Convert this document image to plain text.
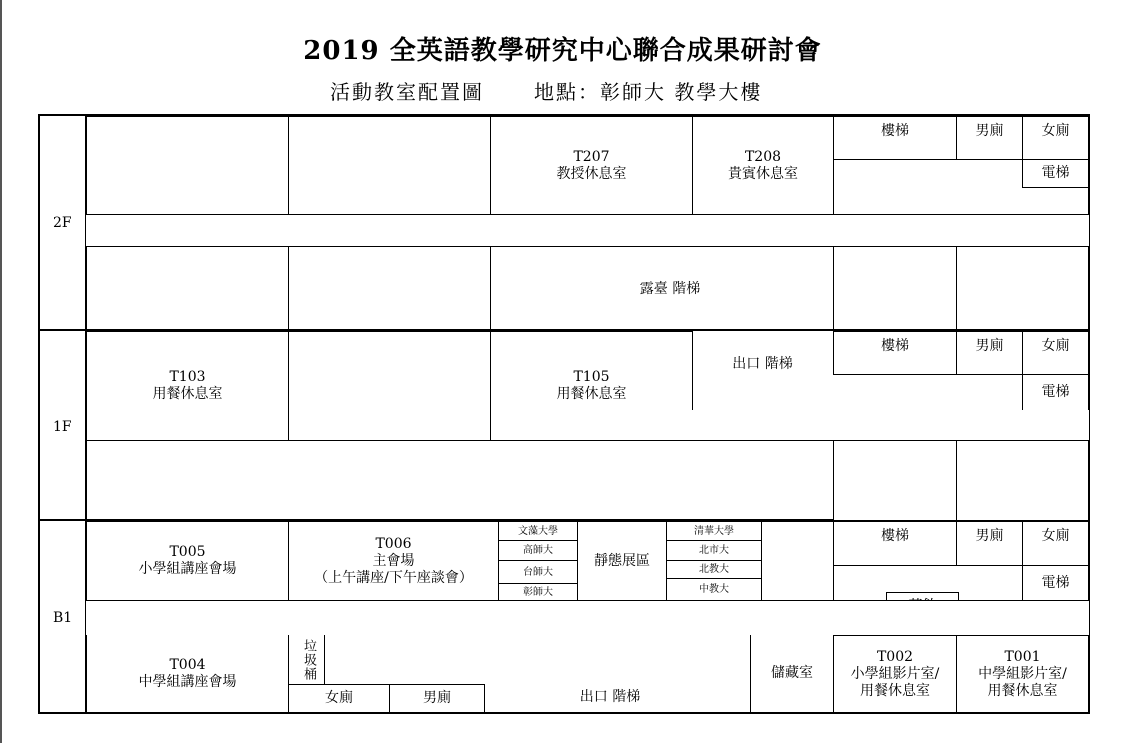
2019 全英語教學研究中心聯合成果研討會
活動教室配置圖	地點：彰師大 教學大樓
2F
1F
B1
T207
教授休息室
T208
貴賓休息室
樓梯	男廁	女廁
電梯
露臺 階梯
T103
用餐休息室
T105
用餐休息室
出口 階梯
樓梯	男廁	女廁
電梯
T005
小學組講座會場
T006
主會場
（上午講座/下午座談會）
文藻大學
高師大
台師大
彰師大
靜態展區
清華大學
北市大
北教大
中教大
樓梯	男廁	女廁
電梯
T004
中學組講座會場
垃圾桶
女廁	男廁	出口 階梯
儲藏室
T002
小學組影片室/
用餐休息室
T001
中學組影片室/
用餐休息室
